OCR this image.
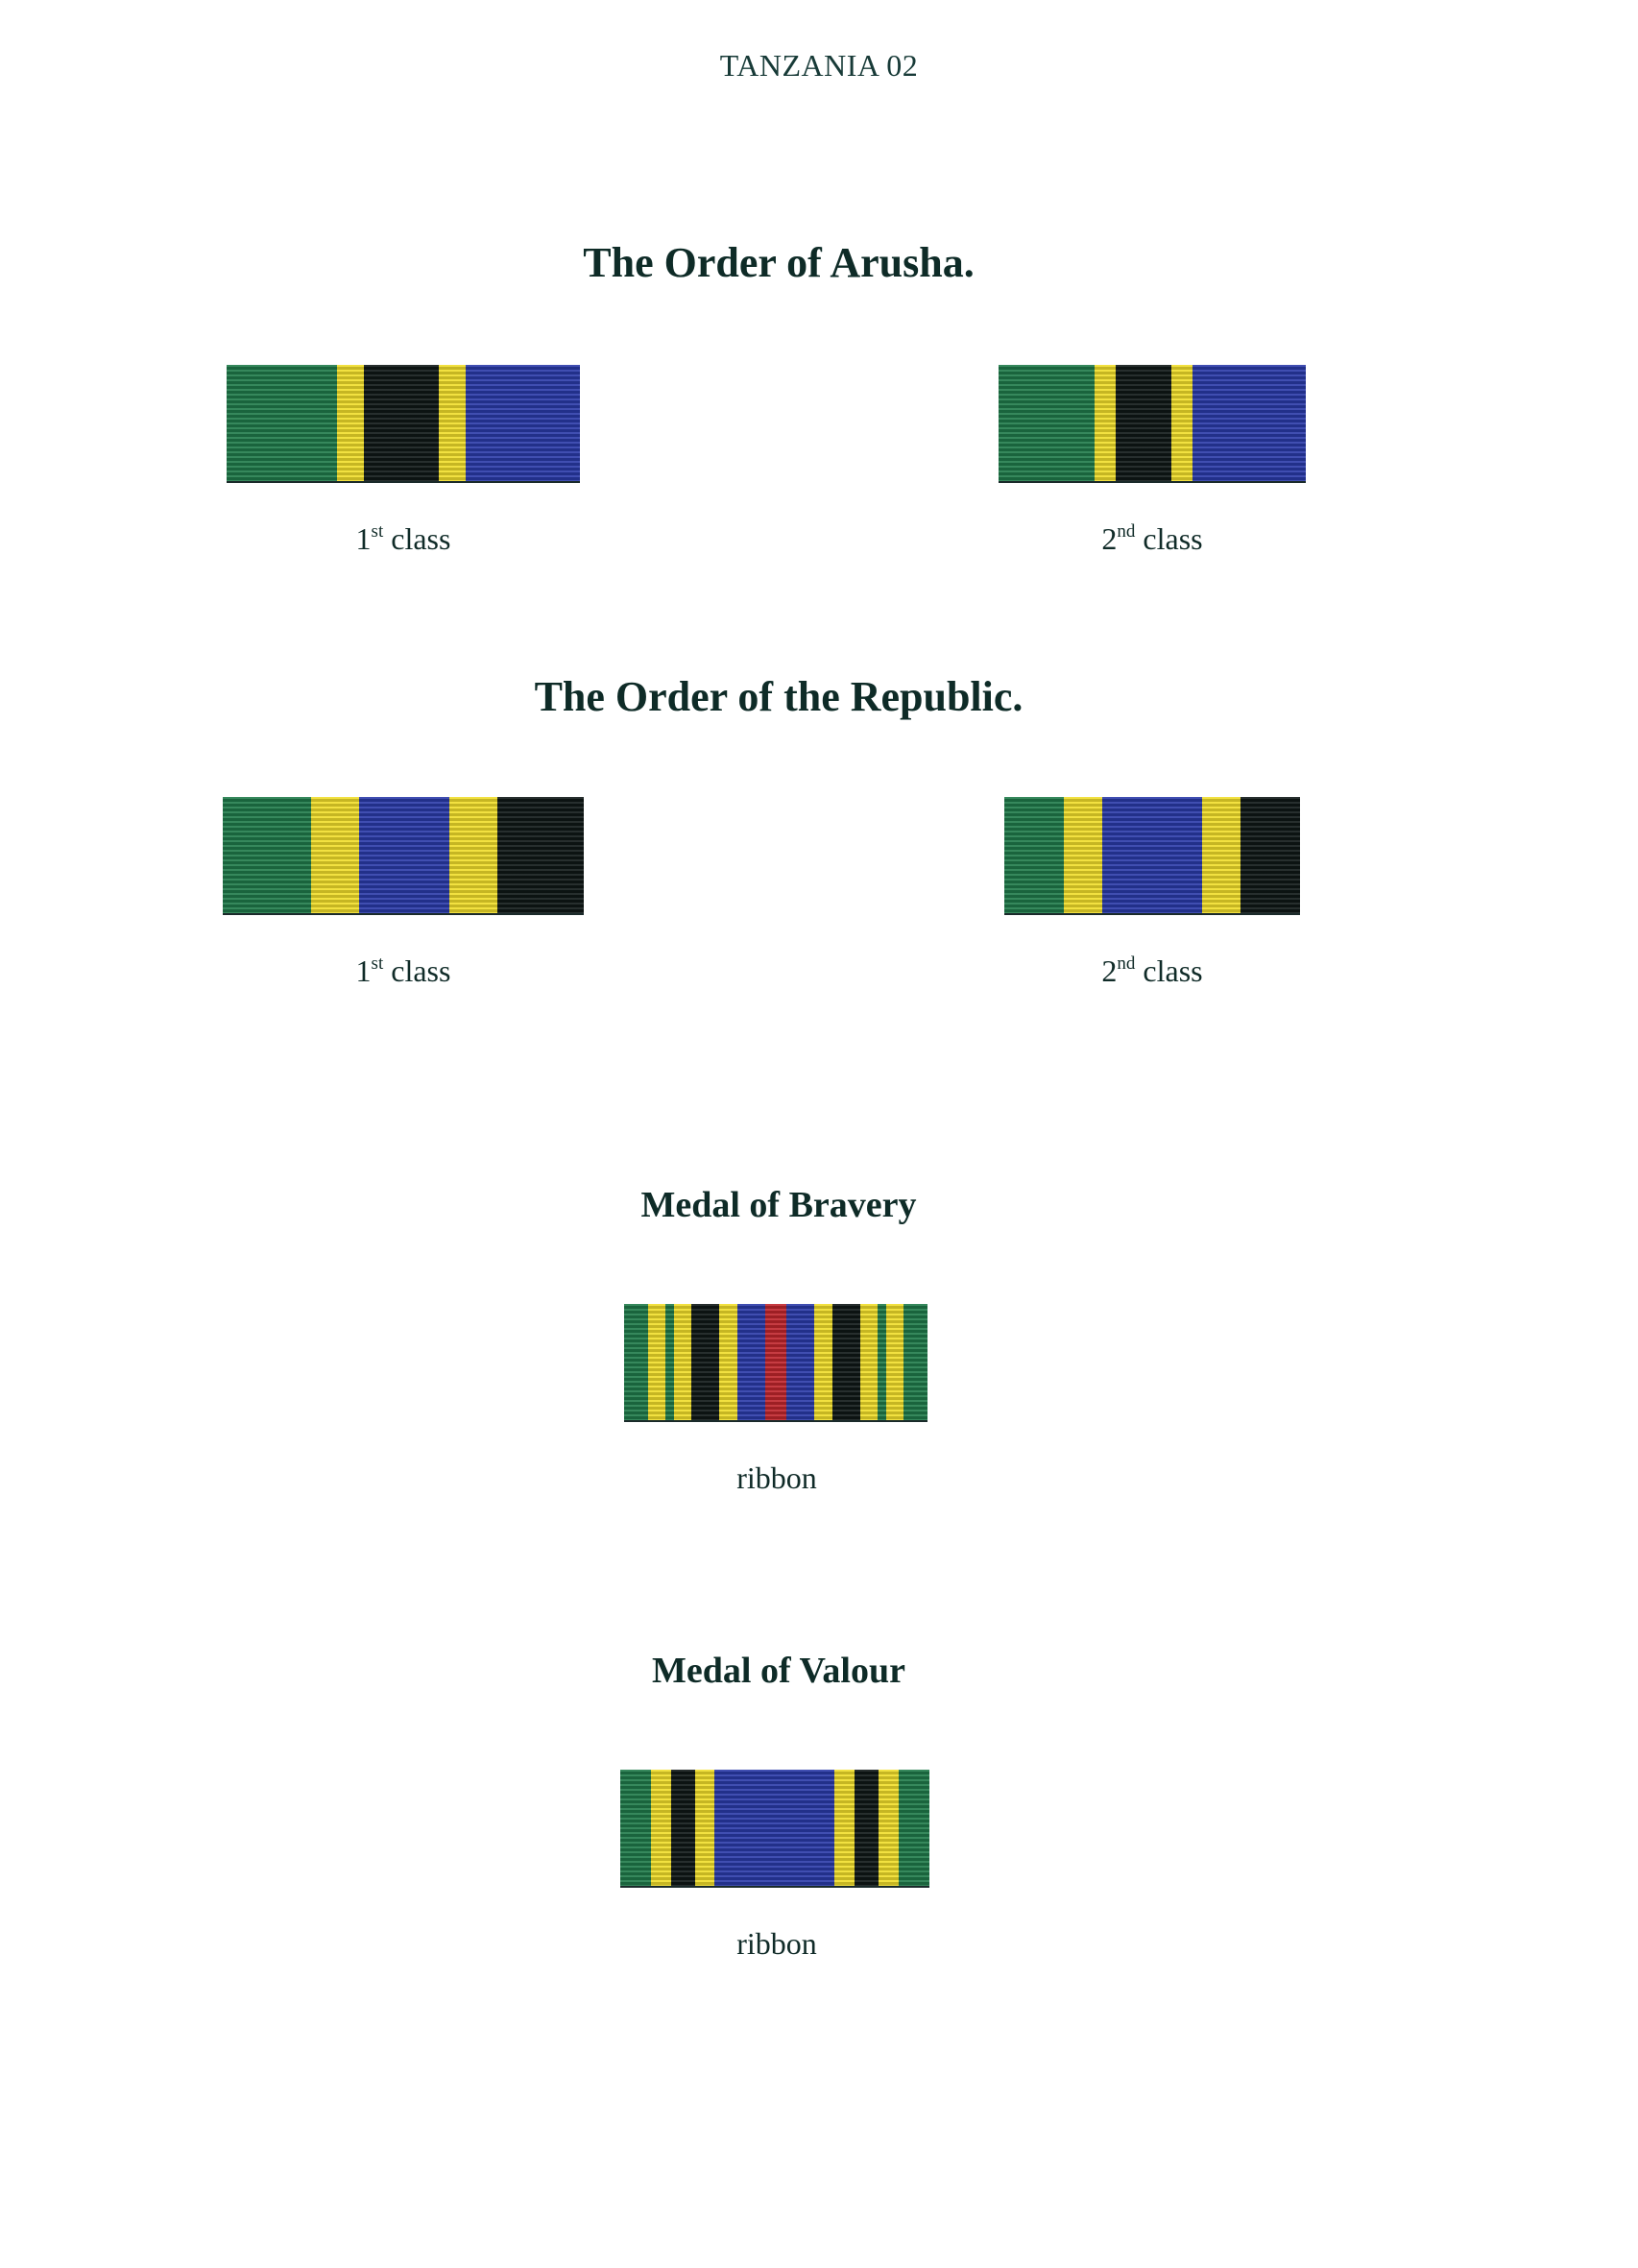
TANZANIA 02
The Order of Arusha.
1st class	2nd class
The Order of the Republic.
1st class	2nd class
Medal of Bravery
ribbon
Medal of Valour
ribbon
